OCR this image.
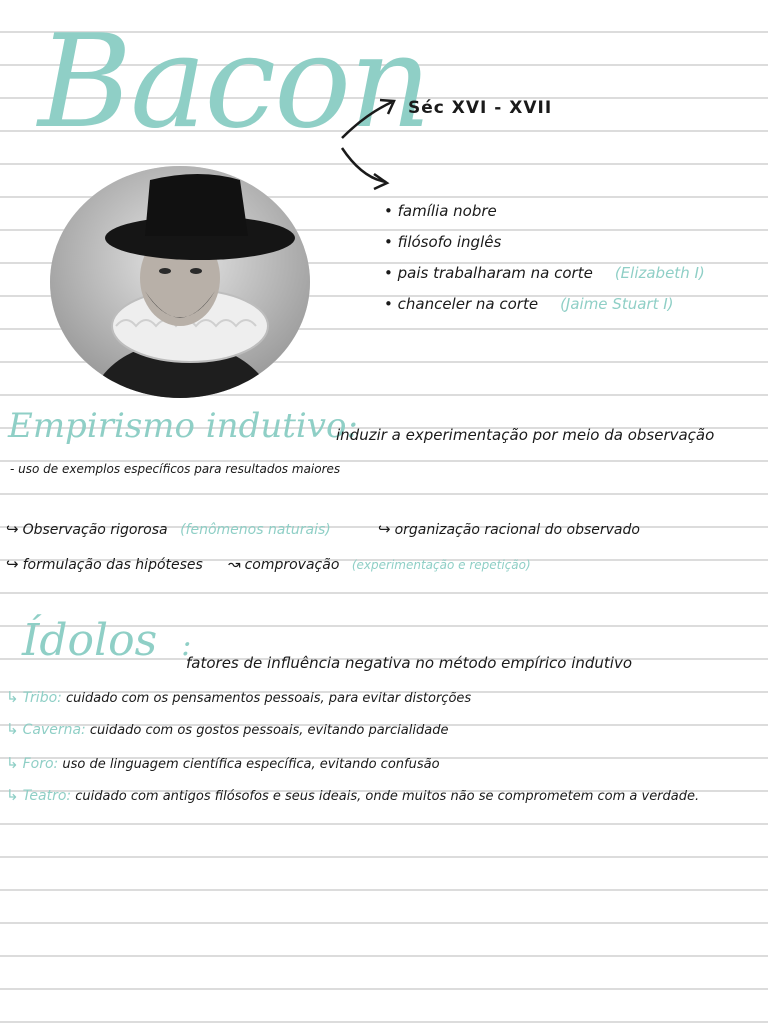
Bacon
Séc XVI - XVII
• família nobre
• filósofo inglês
• pais trabalharam na corte (Elizabeth I)
• chanceler na corte (Jaime Stuart I)
Empirismo indutivo:
induzir a experimentação por meio da observação
- uso de exemplos específicos para resultados maiores
↪ Observação rigorosa (fenômenos naturais)	↪ organização racional do observado
↪ formulação das hipóteses ↝ comprovação (experimentação e repetição)
Ídolos :
fatores de influência negativa no método empírico indutivo
↳ Tribo: cuidado com os pensamentos pessoais, para evitar distorções
↳ Caverna: cuidado com os gostos pessoais, evitando parcialidade
↳ Foro: uso de linguagem científica específica, evitando confusão
↳ Teatro: cuidado com antigos filósofos e seus ideais, onde muitos não se comprometem com a verdade.
